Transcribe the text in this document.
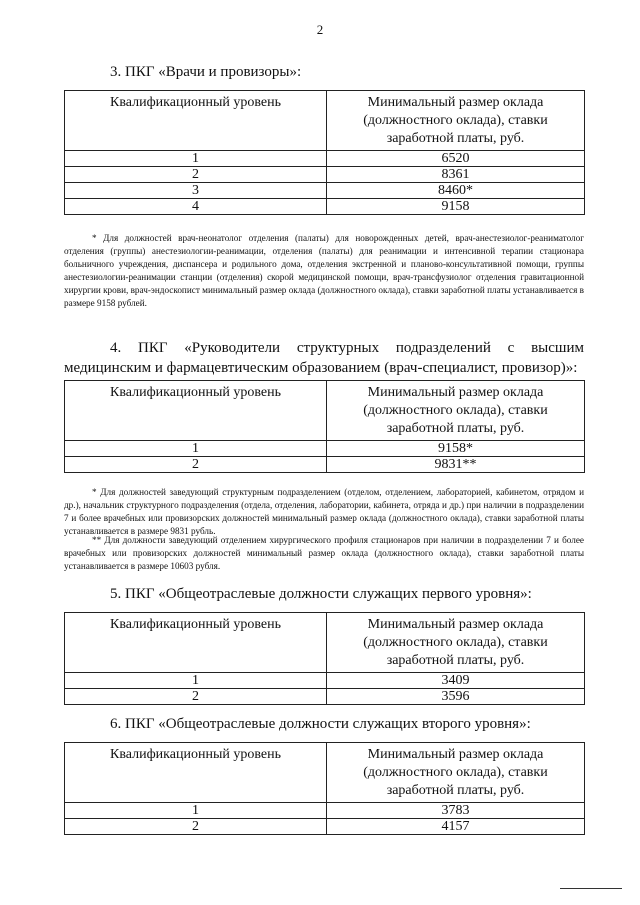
2
3. ПКГ «Врачи и провизоры»:
Квалификационный уровень	Минимальный размер оклада
(должностного оклада), ставки
заработной платы, руб.
1	6520
2	8361
3	8460*
4	9158

* Для должностей врач-неонатолог отделения (палаты) для новорожденных детей, врач-анестезиолог-реаниматолог отделения (группы) анестезиологии-реанимации, отделения (палаты) для реанимации и интенсивной терапии стационара больничного учреждения, диспансера и родильного дома, отделения экстренной и планово-консультативной помощи, группы анестезиологии-реанимации станции (отделения) скорой медицинской помощи, врач-трансфузиолог отделения гравитационной хирургии крови, врач-эндоскопист минимальный размер оклада (должностного оклада), ставки заработной платы устанавливается в размере 9158 рублей.

4. ПКГ «Руководители структурных подразделений с высшим медицинским и фармацевтическим образованием (врач-специалист, провизор)»:
Квалификационный уровень	Минимальный размер оклада
(должностного оклада), ставки
заработной платы, руб.
1	9158*
2	9831**

* Для должностей заведующий структурным подразделением (отделом, отделением, лабораторией, кабинетом, отрядом и др.), начальник структурного подразделения (отдела, отделения, лаборатории, кабинета, отряда и др.) при наличии в подразделении 7 и более врачебных или провизорских должностей минимальный размер оклада (должностного оклада), ставки заработной платы устанавливается в размере 9831 рубль.

** Для должности заведующий отделением хирургического профиля стационаров при наличии в подразделении 7 и более врачебных или провизорских должностей минимальный размер оклада (должностного оклада), ставки заработной платы устанавливается в размере 10603 рубля.

5. ПКГ «Общеотраслевые должности служащих первого уровня»:
Квалификационный уровень	Минимальный размер оклада
(должностного оклада), ставки
заработной платы, руб.
1	3409
2	3596
6. ПКГ «Общеотраслевые должности служащих второго уровня»:
Квалификационный уровень	Минимальный размер оклада
(должностного оклада), ставки
заработной платы, руб.
1	3783
2	4157
